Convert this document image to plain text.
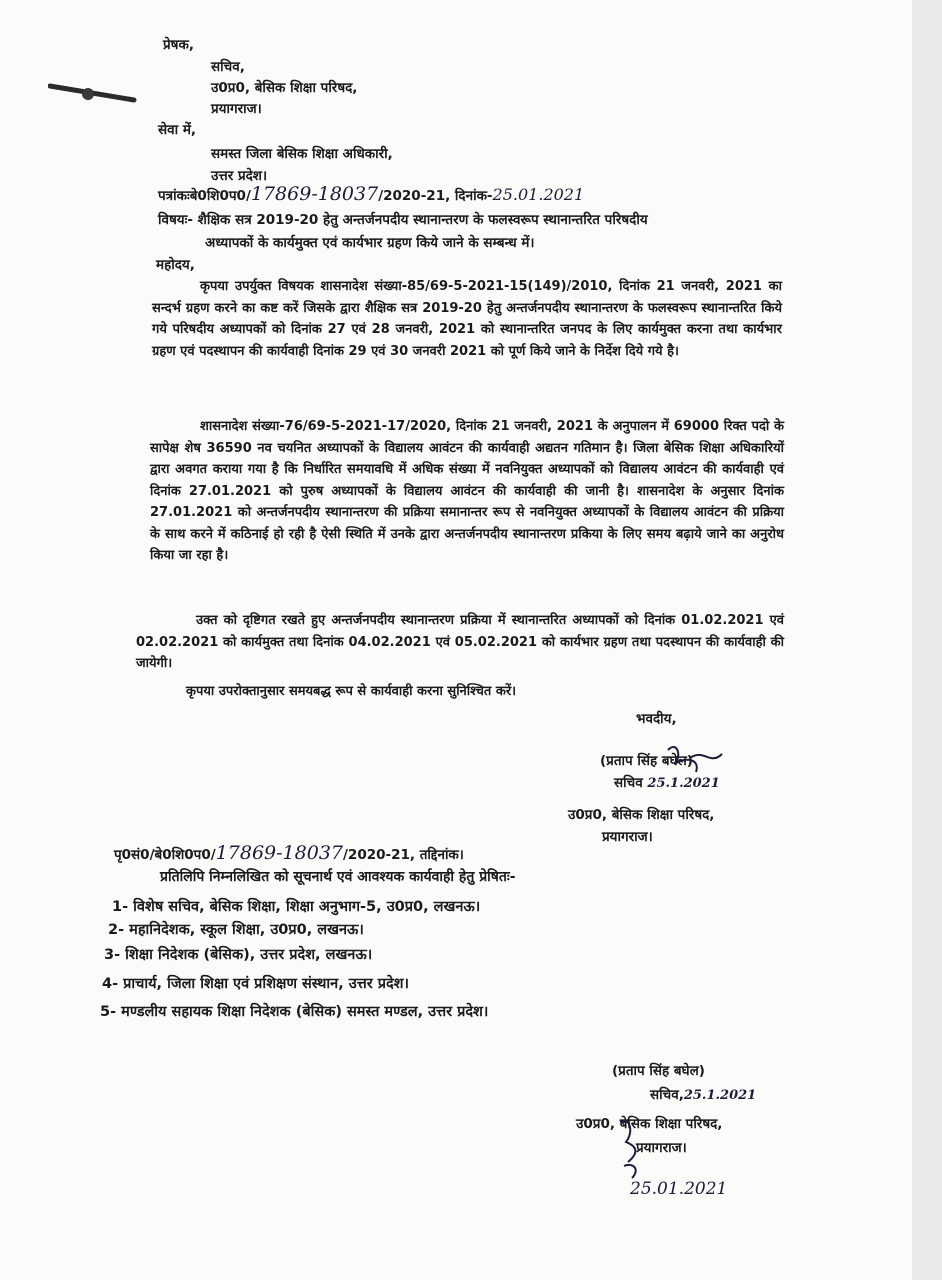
प्रेषक,
सचिव,
उ0प्र0, बेसिक शिक्षा परिषद,
प्रयागराज।
सेवा में,
समस्त जिला बेसिक शिक्षा अधिकारी,
उत्तर प्रदेश।
पत्रांकःबे0शि0प0/17869-18037/2020-21, दिनांक-25.01.2021
विषयः- शैक्षिक सत्र 2019-20 हेतु अन्तर्जनपदीय स्थानान्तरण के फलस्वरूप स्थानान्तरित परिषदीय
अध्यापकों के कार्यमुक्त एवं कार्यभार ग्रहण किये जाने के सम्बन्ध में।
महोदय,
कृपया उपर्युक्त विषयक शासनादेश संख्या-85/69-5-2021-15(149)/2010, दिनांक 21 जनवरी, 2021 का सन्दर्भ ग्रहण करने का कष्ट करें जिसके द्वारा शैक्षिक सत्र 2019-20 हेतु अन्तर्जनपदीय स्थानान्तरण के फलस्वरूप स्थानान्तरित किये गये परिषदीय अध्यापकों को दिनांक 27 एवं 28 जनवरी, 2021 को स्थानान्तरित जनपद के लिए कार्यमुक्त करना तथा कार्यभार ग्रहण एवं पदस्थापन की कार्यवाही दिनांक 29 एवं 30 जनवरी 2021 को पूर्ण किये जाने के निर्देश दिये गये है।
शासनादेश संख्या-76/69-5-2021-17/2020, दिनांक 21 जनवरी, 2021 के अनुपालन में 69000 रिक्त पदो के सापेक्ष शेष 36590 नव चयनित अध्यापकों के विद्यालय आवंटन की कार्यवाही अद्यतन गतिमान है। जिला बेसिक शिक्षा अधिकारियों द्वारा अवगत कराया गया है कि निर्धारित समयावधि में अधिक संख्या में नवनियुक्त अध्यापकों को विद्यालय आवंटन की कार्यवाही एवं दिनांक 27.01.2021 को पुरुष अध्यापकों के विद्यालय आवंटन की कार्यवाही की जानी है। शासनादेश के अनुसार दिनांक 27.01.2021 को अन्तर्जनपदीय स्थानान्तरण की प्रक्रिया समानान्तर रूप से नवनियुक्त अध्यापकों के विद्यालय आवंटन की प्रक्रिया के साथ करने में कठिनाई हो रही है ऐसी स्थिति में उनके द्वारा अन्तर्जनपदीय स्थानान्तरण प्रकिया के लिए समय बढ़ाये जाने का अनुरोध किया जा रहा है।
उक्त को दृष्टिगत रखते हुए अन्तर्जनपदीय स्थानान्तरण प्रक्रिया में स्थानान्तरित अध्यापकों को दिनांक 01.02.2021 एवं 02.02.2021 को कार्यमुक्त तथा दिनांक 04.02.2021 एवं 05.02.2021 को कार्यभार ग्रहण तथा पदस्थापन की कार्यवाही की जायेगी।
कृपया उपरोक्तानुसार समयबद्ध रूप से कार्यवाही करना सुनिश्चित करें।
भवदीय,
(प्रताप सिंह बघेल)
सचिव 25.1.2021
उ0प्र0, बेसिक शिक्षा परिषद,
प्रयागराज।
पृ0सं0/बे0शि0प0/17869-18037/2020-21, तद्दिनांक।
प्रतिलिपि निम्नलिखित को सूचनार्थ एवं आवश्यक कार्यवाही हेतु प्रेषितः-
1- विशेष सचिव, बेसिक शिक्षा, शिक्षा अनुभाग-5, उ0प्र0, लखनऊ।
2- महानिदेशक, स्कूल शिक्षा, उ0प्र0, लखनऊ।
3- शिक्षा निदेशक (बेसिक), उत्तर प्रदेश, लखनऊ।
4- प्राचार्य, जिला शिक्षा एवं प्रशिक्षण संस्थान, उत्तर प्रदेश।
5- मण्डलीय सहायक शिक्षा निदेशक (बेसिक) समस्त मण्डल, उत्तर प्रदेश।
(प्रताप सिंह बघेल)
सचिव,25.1.2021
उ0प्र0, बेसिक शिक्षा परिषद,
प्रयागराज।
25.01.2021
